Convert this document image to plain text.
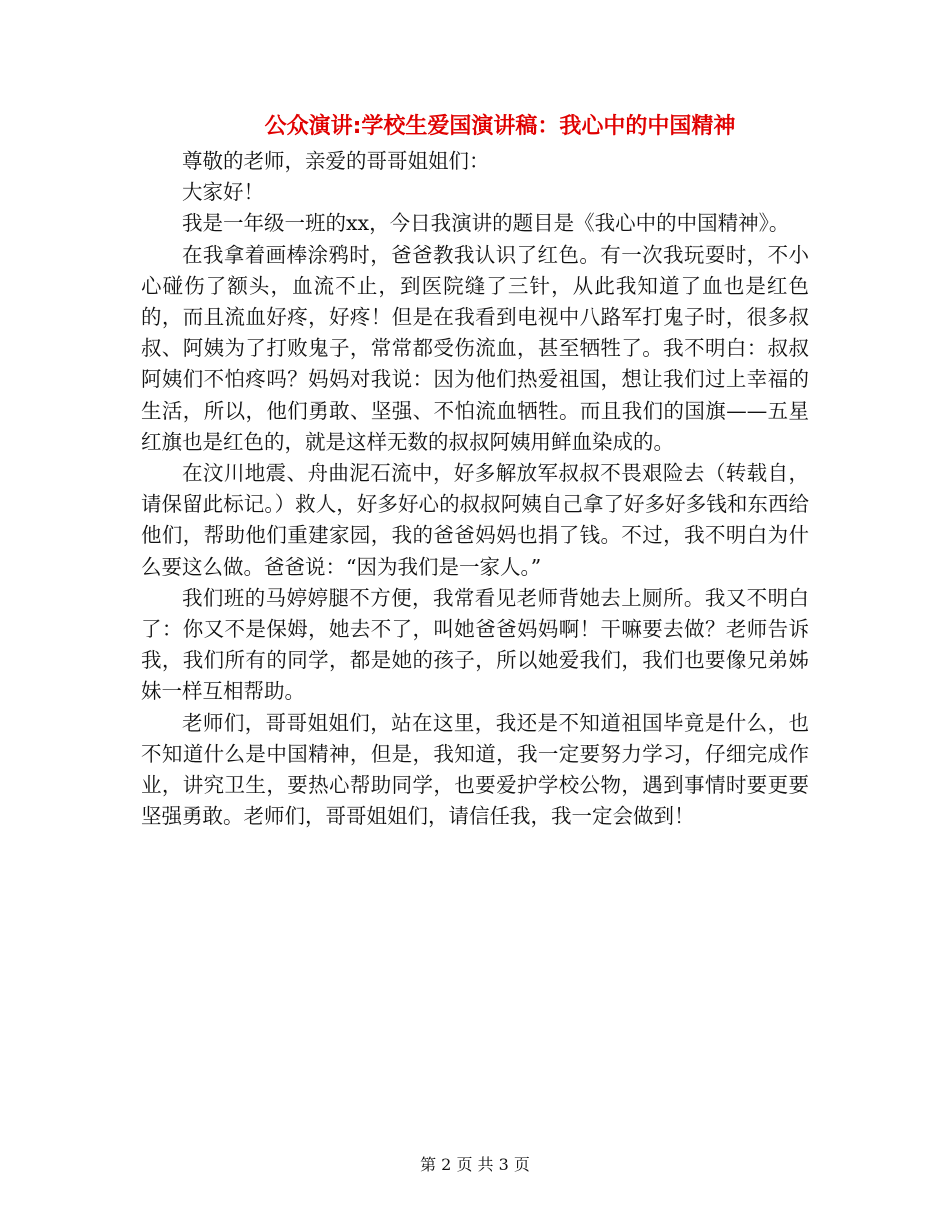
公众演讲:学校生爱国演讲稿：我心中的中国精神

尊敬的老师，亲爱的哥哥姐姐们：

大家好！

我是一年级一班的xx，今日我演讲的题目是《我心中的中国精神》。

在我拿着画棒涂鸦时，爸爸教我认识了红色。有一次我玩耍时，不小心碰伤了额头，血流不止，到医院缝了三针，从此我知道了血也是红色的，而且流血好疼，好疼！但是在我看到电视中八路军打鬼子时，很多叔叔、阿姨为了打败鬼子，常常都受伤流血，甚至牺牲了。我不明白：叔叔阿姨们不怕疼吗？妈妈对我说：因为他们热爱祖国，想让我们过上幸福的生活，所以，他们勇敢、坚强、不怕流血牺牲。而且我们的国旗——五星红旗也是红色的，就是这样无数的叔叔阿姨用鲜血染成的。

在汶川地震、舟曲泥石流中，好多解放军叔叔不畏艰险去（转载自，请保留此标记。）救人，好多好心的叔叔阿姨自己拿了好多好多钱和东西给他们，帮助他们重建家园，我的爸爸妈妈也捐了钱。不过，我不明白为什么要这么做。爸爸说：“因为我们是一家人。”

我们班的马婷婷腿不方便，我常看见老师背她去上厕所。我又不明白了：你又不是保姆，她去不了，叫她爸爸妈妈啊！干嘛要去做？老师告诉我，我们所有的同学，都是她的孩子，所以她爱我们，我们也要像兄弟姊妹一样互相帮助。

老师们，哥哥姐姐们，站在这里，我还是不知道祖国毕竟是什么，也不知道什么是中国精神，但是，我知道，我一定要努力学习，仔细完成作业，讲究卫生，要热心帮助同学，也要爱护学校公物，遇到事情时要更要坚强勇敢。老师们，哥哥姐姐们，请信任我，我一定会做到！

第 2 页 共 3 页
